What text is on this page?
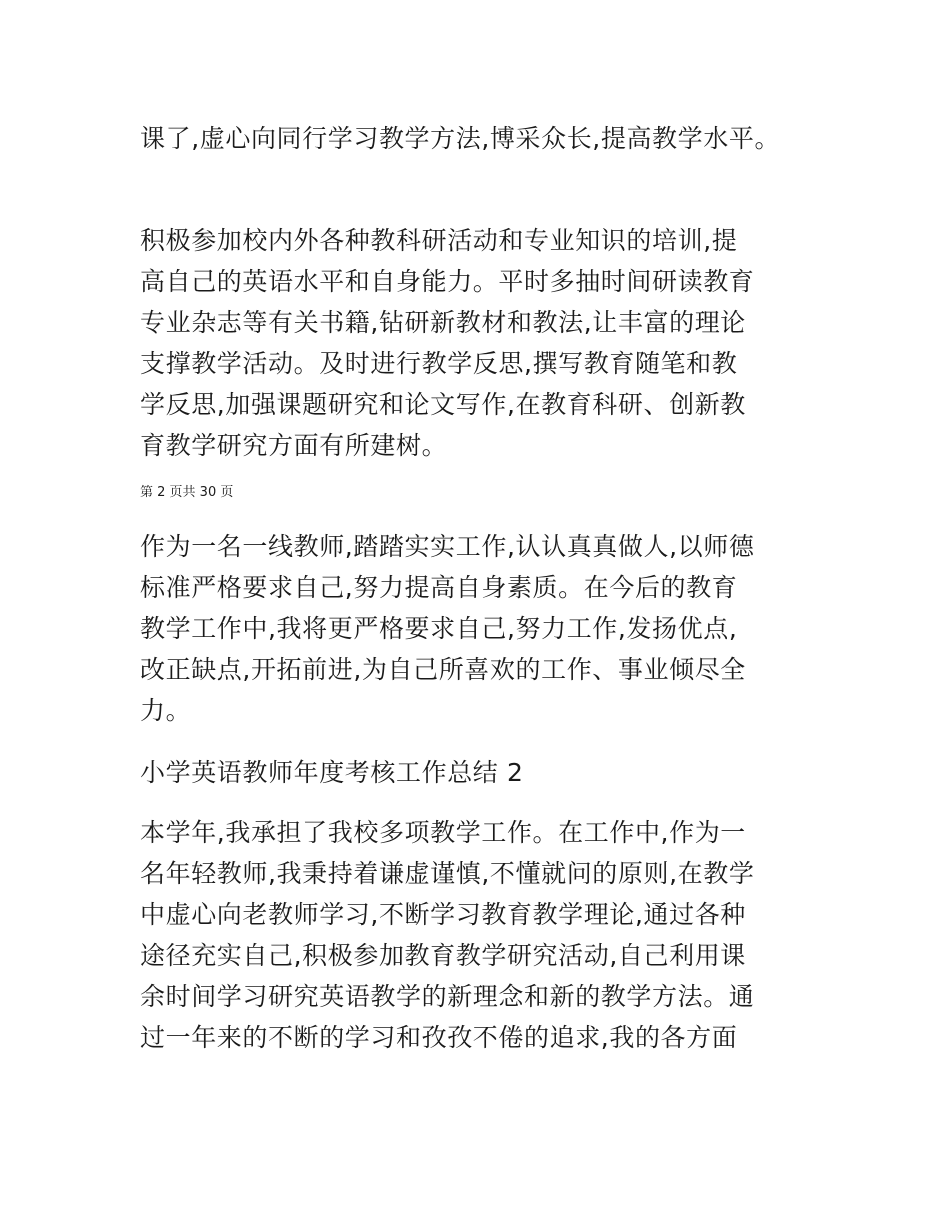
课了,虚心向同行学习教学方法,博采众长,提高教学水平。

积极参加校内外各种教科研活动和专业知识的培训,提
高自己的英语水平和自身能力。平时多抽时间研读教育
专业杂志等有关书籍,钻研新教材和教法,让丰富的理论
支撑教学活动。及时进行教学反思,撰写教育随笔和教
学反思,加强课题研究和论文写作,在教育科研、创新教
育教学研究方面有所建树。

第 2 页共 30 页

作为一名一线教师,踏踏实实工作,认认真真做人,以师德
标准严格要求自己,努力提高自身素质。在今后的教育
教学工作中,我将更严格要求自己,努力工作,发扬优点,
改正缺点,开拓前进,为自己所喜欢的工作、事业倾尽全
力。

小学英语教师年度考核工作总结 2

本学年,我承担了我校多项教学工作。在工作中,作为一
名年轻教师,我秉持着谦虚谨慎,不懂就问的原则,在教学
中虚心向老教师学习,不断学习教育教学理论,通过各种
途径充实自己,积极参加教育教学研究活动,自己利用课
余时间学习研究英语教学的新理念和新的教学方法。通
过一年来的不断的学习和孜孜不倦的追求,我的各方面
